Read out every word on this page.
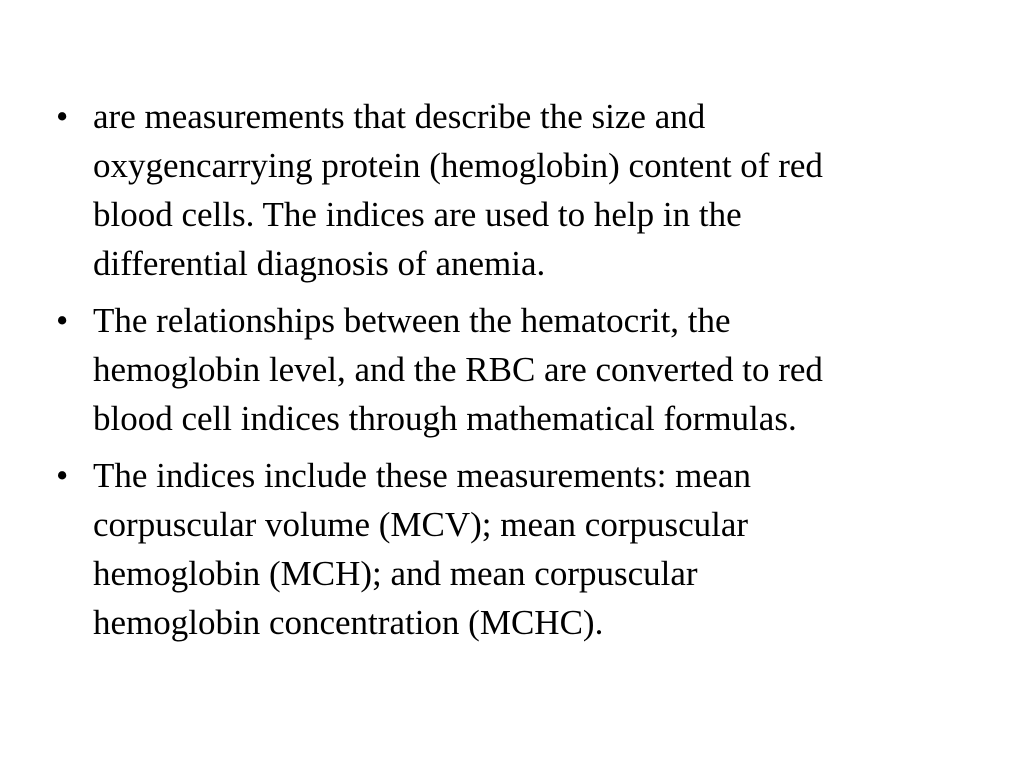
• are measurements that describe the size and
oxygencarrying protein (hemoglobin) content of red
blood cells. The indices are used to help in the
differential diagnosis of anemia.
• The relationships between the hematocrit, the
hemoglobin level, and the RBC are converted to red
blood cell indices through mathematical formulas.
• The indices include these measurements: mean
corpuscular volume (MCV); mean corpuscular
hemoglobin (MCH); and mean corpuscular
hemoglobin concentration (MCHC).
